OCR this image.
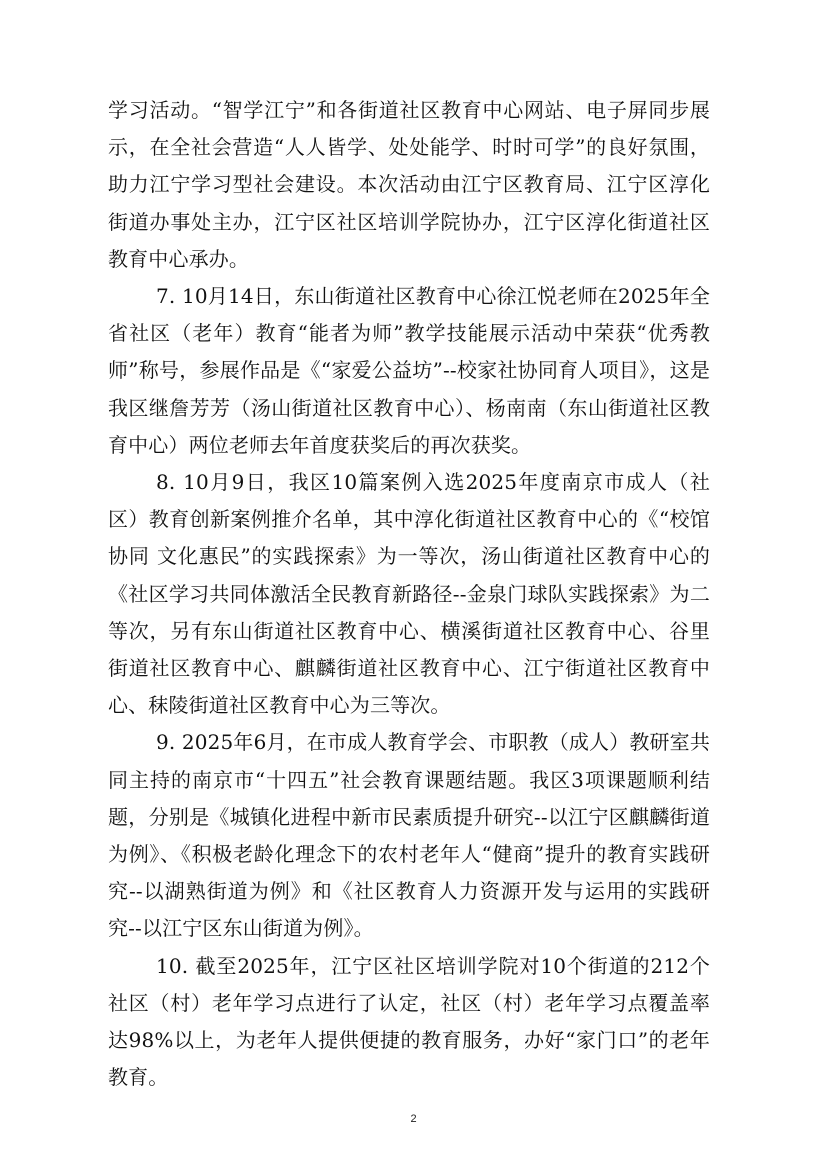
学习活动。“智学江宁”和各街道社区教育中心网站、电子屏同步展示，在全社会营造“人人皆学、处处能学、时时可学”的良好氛围，助力江宁学习型社会建设。本次活动由江宁区教育局、江宁区淳化街道办事处主办，江宁区社区培训学院协办，江宁区淳化街道社区教育中心承办。

7. 10月14日，东山街道社区教育中心徐江悦老师在2025年全省社区（老年）教育“能者为师”教学技能展示活动中荣获“优秀教师”称号，参展作品是《“家爱公益坊”--校家社协同育人项目》，这是我区继詹芳芳（汤山街道社区教育中心）、杨南南（东山街道社区教育中心）两位老师去年首度获奖后的再次获奖。

8. 10月9日，我区10篇案例入选2025年度南京市成人（社区）教育创新案例推介名单，其中淳化街道社区教育中心的《“校馆协同 文化惠民”的实践探索》为一等次，汤山街道社区教育中心的《社区学习共同体激活全民教育新路径--金泉门球队实践探索》为二等次，另有东山街道社区教育中心、横溪街道社区教育中心、谷里街道社区教育中心、麒麟街道社区教育中心、江宁街道社区教育中心、秣陵街道社区教育中心为三等次。

9. 2025年6月，在市成人教育学会、市职教（成人）教研室共同主持的南京市“十四五”社会教育课题结题。我区3项课题顺利结题，分别是《城镇化进程中新市民素质提升研究--以江宁区麒麟街道为例》、《积极老龄化理念下的农村老年人“健商”提升的教育实践研究--以湖熟街道为例》和《社区教育人力资源开发与运用的实践研究--以江宁区东山街道为例》。

10. 截至2025年，江宁区社区培训学院对10个街道的212个社区（村）老年学习点进行了认定，社区（村）老年学习点覆盖率达98%以上，为老年人提供便捷的教育服务，办好“家门口”的老年教育。

2
